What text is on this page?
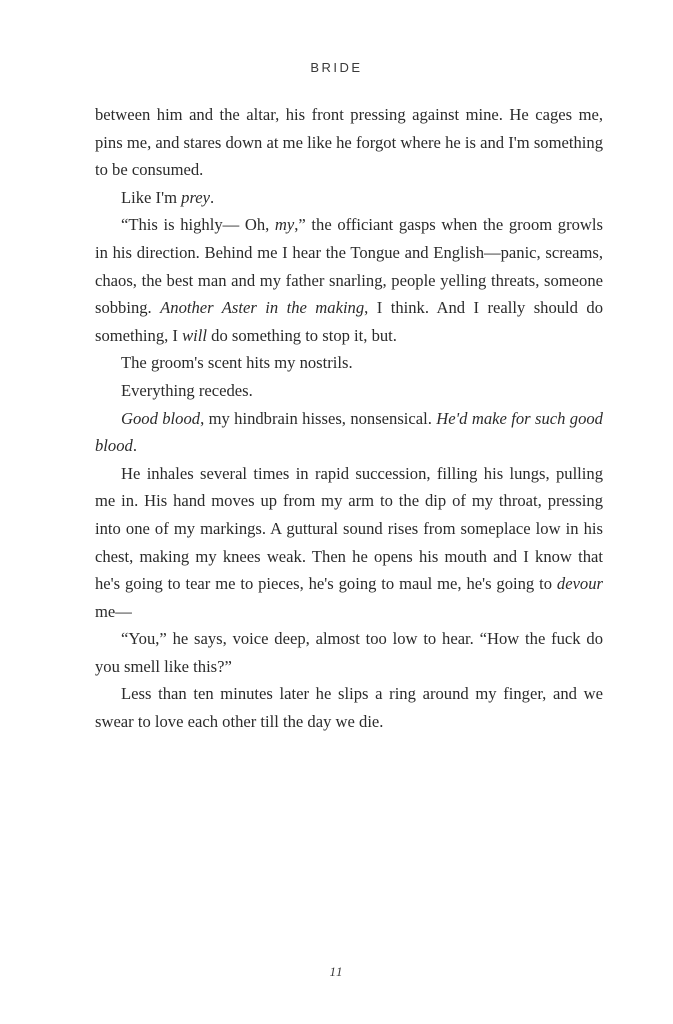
BRIDE

between him and the altar, his front pressing against mine. He cages me, pins me, and stares down at me like he forgot where he is and I'm something to be consumed.

Like I'm prey.

“This is highly— Oh, my,” the officiant gasps when the groom growls in his direction. Behind me I hear the Tongue and English—panic, screams, chaos, the best man and my father snarling, people yelling threats, someone sobbing. Another Aster in the making, I think. And I really should do something, I will do something to stop it, but.

The groom's scent hits my nostrils.

Everything recedes.

Good blood, my hindbrain hisses, nonsensical. He'd make for such good blood.

He inhales several times in rapid succession, filling his lungs, pulling me in. His hand moves up from my arm to the dip of my throat, pressing into one of my markings. A guttural sound rises from someplace low in his chest, making my knees weak. Then he opens his mouth and I know that he's going to tear me to pieces, he's going to maul me, he's going to devour me—

“You,” he says, voice deep, almost too low to hear. “How the fuck do you smell like this?”

Less than ten minutes later he slips a ring around my finger, and we swear to love each other till the day we die.

11
